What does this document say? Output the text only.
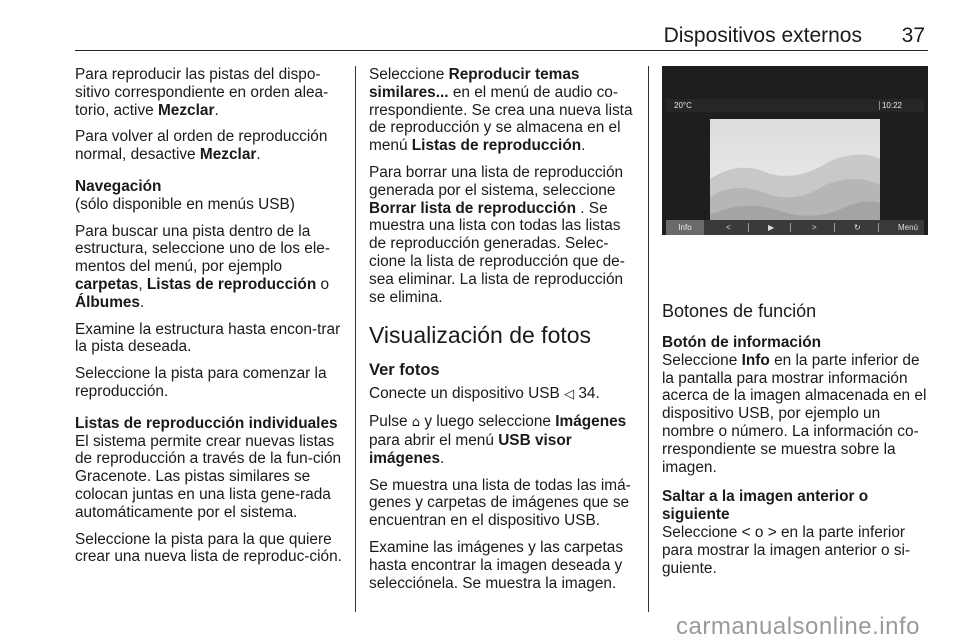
Dispositivos externos 37

Para reproducir las pistas del dispo-sitivo correspondiente en orden alea-torio, active Mezclar.

Para volver al orden de reproducción normal, desactive Mezclar.

Navegación

(sólo disponible en menús USB)

Para buscar una pista dentro de la estructura, seleccione uno de los ele-mentos del menú, por ejemplo carpetas, Listas de reproducción o Álbumes.

Examine la estructura hasta encon-trar la pista deseada.

Seleccione la pista para comenzar la reproducción.

Listas de reproducción individuales

El sistema permite crear nuevas listas de reproducción a través de la fun-ción Gracenote. Las pistas similares se colocan juntas en una lista gene-rada automáticamente por el sistema.

Seleccione la pista para la que quiere crear una nueva lista de reproduc-ción.

Seleccione Reproducir temas similares... en el menú de audio co-rrespondiente. Se crea una nueva lista de reproducción y se almacena en el menú Listas de reproducción.

Para borrar una lista de reproducción generada por el sistema, seleccione Borrar lista de reproducción . Se muestra una lista con todas las listas de reproducción generadas. Selec-cione la lista de reproducción que de-sea eliminar. La lista de reproducción se elimina.

Visualización de fotos
Ver fotos

Conecte un dispositivo USB ◁ 34.

Pulse ⌂ y luego seleccione Imágenes para abrir el menú USB visor imágenes.

Se muestra una lista de todas las imá-genes y carpetas de imágenes que se encuentran en el dispositivo USB.

Examine las imágenes y las carpetas hasta encontrar la imagen deseada y selecciónela. Se muestra la imagen.

20°C	10:22
Info	<	▶	>	↻	Menú
Botones de función

Botón de información

Seleccione Info en la parte inferior de la pantalla para mostrar información acerca de la imagen almacenada en el dispositivo USB, por ejemplo un nombre o número. La información co-rrespondiente se muestra sobre la imagen.

Saltar a la imagen anterior o siguiente

Seleccione < o > en la parte inferior para mostrar la imagen anterior o si-guiente.

carmanualsonline.info
